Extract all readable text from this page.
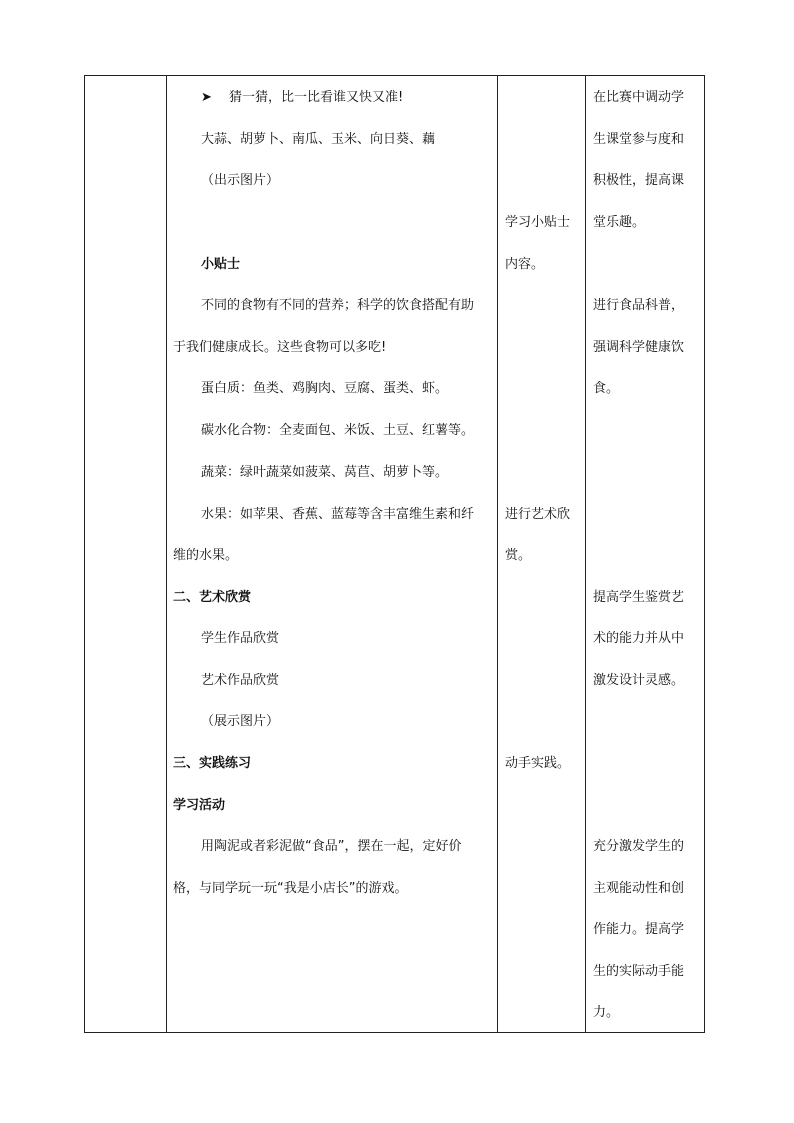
➤ 猜一猜，比一比看谁又快又准!
大蒜、胡萝卜、南瓜、玉米、向日葵、藕
（出示图片）
小贴士
不同的食物有不同的营养；科学的饮食搭配有助
于我们健康成长。这些食物可以多吃!
蛋白质：鱼类、鸡胸肉、豆腐、蛋类、虾。
碳水化合物：全麦面包、米饭、土豆、红薯等。
蔬菜：绿叶蔬菜如菠菜、莴苣、胡萝卜等。
水果：如苹果、香蕉、蓝莓等含丰富维生素和纤
维的水果。
二、艺术欣赏
学生作品欣赏
艺术作品欣赏
（展示图片）
三、实践练习
学习活动
用陶泥或者彩泥做“食品”，摆在一起，定好价
格，与同学玩一玩“我是小店长”的游戏。
学习小贴士
内容。
进行艺术欣
赏。
动手实践。
在比赛中调动学
生课堂参与度和
积极性，提高课
堂乐趣。
进行食品科普，
强调科学健康饮
食。
提高学生鉴赏艺
术的能力并从中
激发设计灵感。
充分激发学生的
主观能动性和创
作能力。提高学
生的实际动手能
力。
